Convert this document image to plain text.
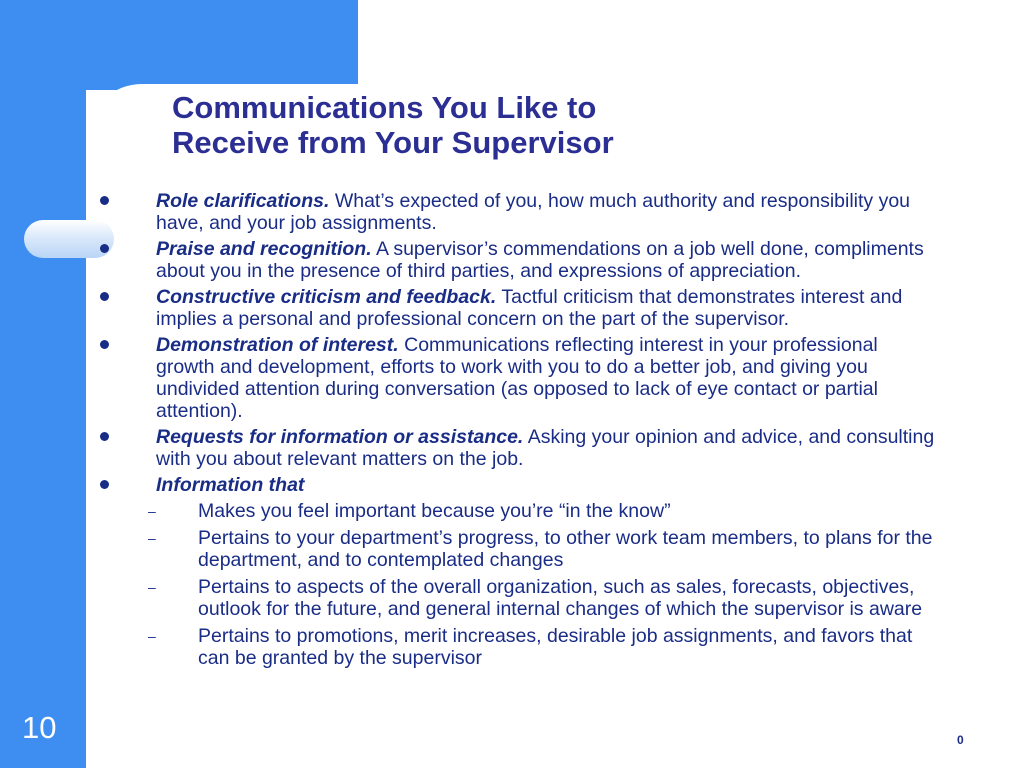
Communications You Like to
Receive from Your Supervisor
Role clarifications. What’s expected of you, how much authority and responsibility you have, and your job assignments.
Praise and recognition. A supervisor’s commendations on a job well done, compliments about you in the presence of third parties, and expressions of appreciation.
Constructive criticism and feedback. Tactful criticism that demonstrates interest and implies a personal and professional concern on the part of the supervisor.
Demonstration of interest. Communications reflecting interest in your professional growth and development, efforts to work with you to do a better job, and giving you undivided attention during conversation (as opposed to lack of eye contact or partial attention).
Requests for information or assistance. Asking your opinion and advice, and consulting with you about relevant matters on the job.
Information that
– Makes you feel important because you’re “in the know”
– Pertains to your department’s progress, to other work team members, to plans for the department, and to contemplated changes
– Pertains to aspects of the overall organization, such as sales, forecasts, objectives, outlook for the future, and general internal changes of which the supervisor is aware
– Pertains to promotions, merit increases, desirable job assignments, and favors that can be granted by the supervisor
10	0
